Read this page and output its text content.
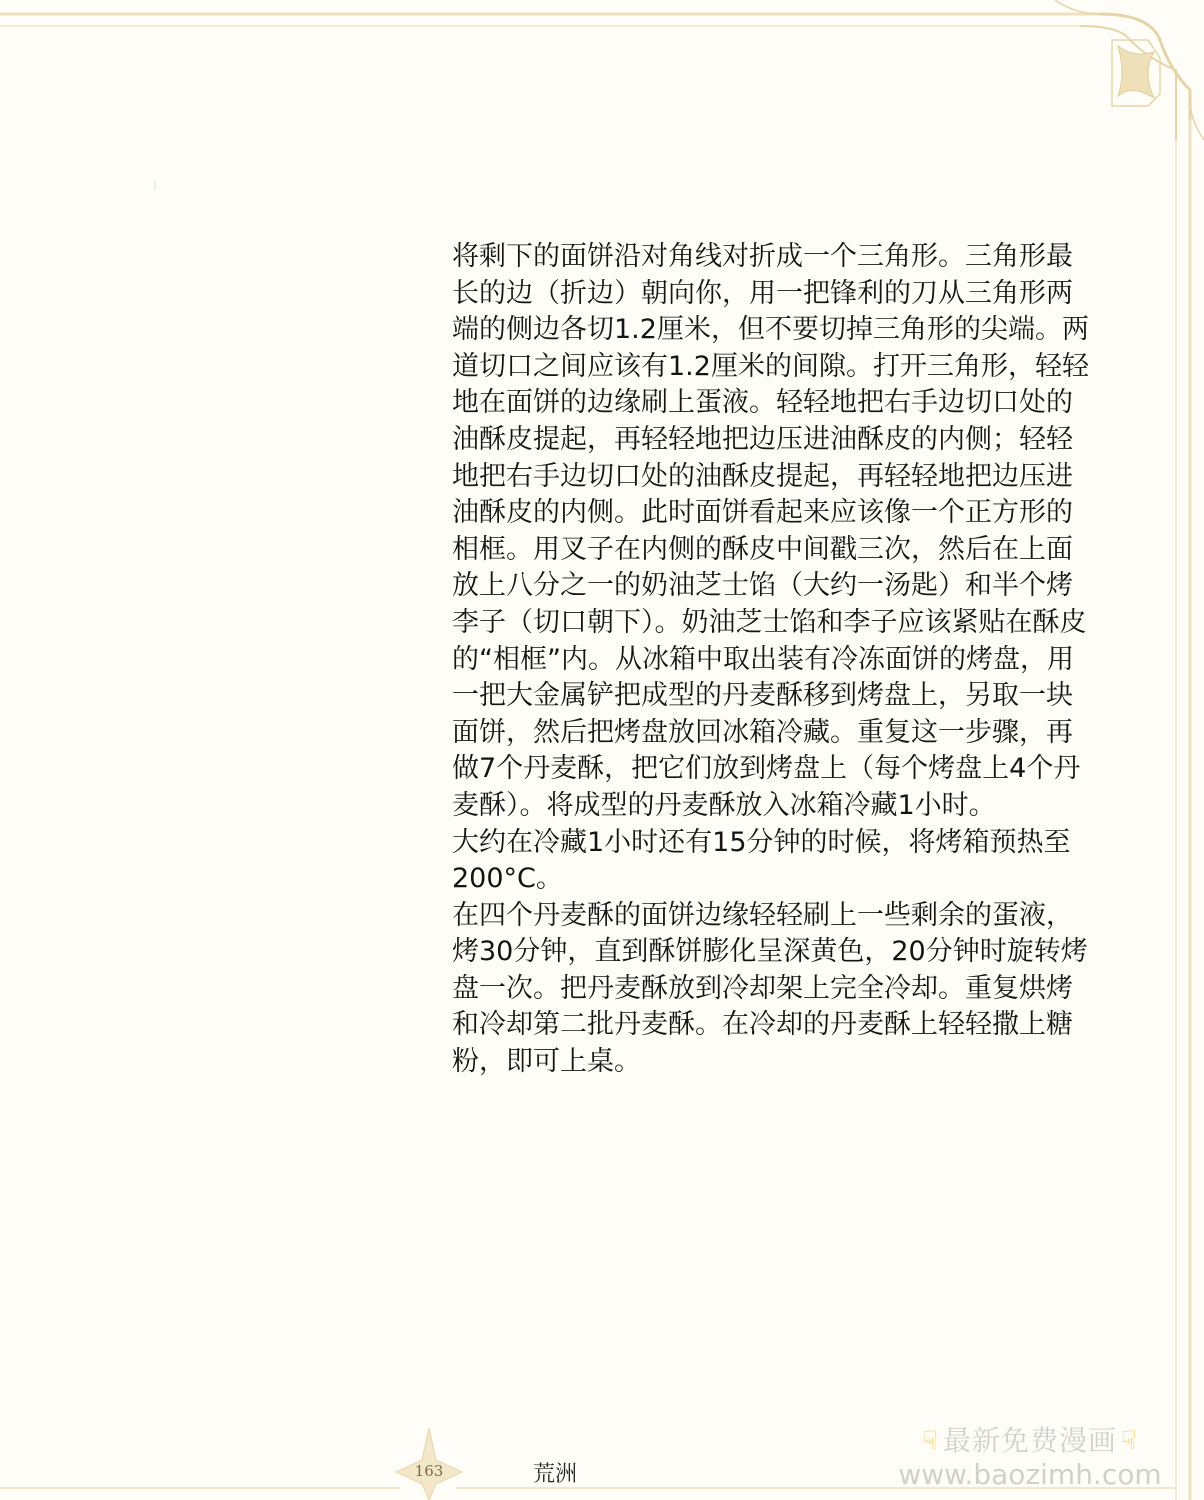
将剩下的面饼沿对角线对折成一个三角形。三角形最长的边（折边）朝向你，用一把锋利的刀从三角形两端的侧边各切1.2厘米，但不要切掉三角形的尖端。两道切口之间应该有1.2厘米的间隙。打开三角形，轻轻地在面饼的边缘刷上蛋液。轻轻地把右手边切口处的油酥皮提起，再轻轻地把边压进油酥皮的内侧；轻轻地把右手边切口处的油酥皮提起，再轻轻地把边压进油酥皮的内侧。此时面饼看起来应该像一个正方形的相框。用叉子在内侧的酥皮中间戳三次，然后在上面放上八分之一的奶油芝士馅（大约一汤匙）和半个烤李子（切口朝下）。奶油芝士馅和李子应该紧贴在酥皮的“相框”内。从冰箱中取出装有冷冻面饼的烤盘，用一把大金属铲把成型的丹麦酥移到烤盘上，另取一块面饼，然后把烤盘放回冰箱冷藏。重复这一步骤，再做7个丹麦酥，把它们放到烤盘上（每个烤盘上4个丹麦酥）。将成型的丹麦酥放入冰箱冷藏1小时。

大约在冷藏1小时还有15分钟的时候，将烤箱预热至200°C。

在四个丹麦酥的面饼边缘轻轻刷上一些剩余的蛋液，烤30分钟，直到酥饼膨化呈深黄色，20分钟时旋转烤盘一次。把丹麦酥放到冷却架上完全冷却。重复烘烤和冷却第二批丹麦酥。在冷却的丹麦酥上轻轻撒上糖粉，即可上桌。

163	荒洲
☟ 最新免费漫画 ☟
www.baozimh.com
